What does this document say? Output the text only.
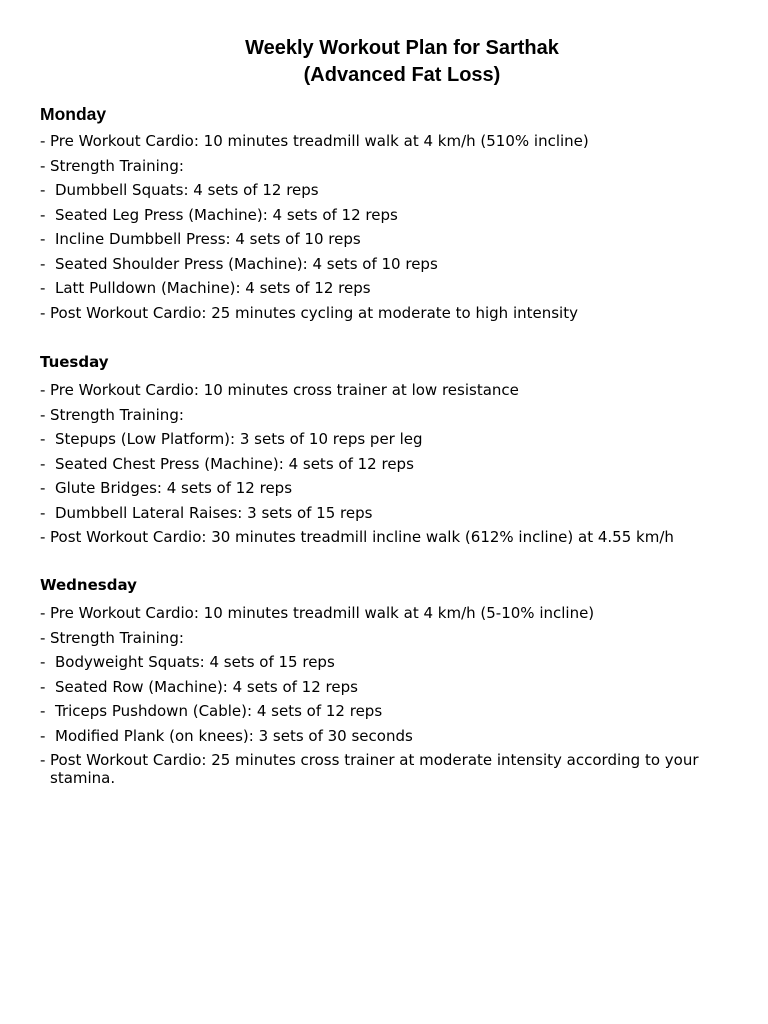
Weekly Workout Plan for Sarthak
(Advanced Fat Loss)
Monday
- Pre Workout Cardio: 10 minutes treadmill walk at 4 km/h (510% incline)
- Strength Training:
- Dumbbell Squats: 4 sets of 12 reps
- Seated Leg Press (Machine): 4 sets of 12 reps
- Incline Dumbbell Press: 4 sets of 10 reps
- Seated Shoulder Press (Machine): 4 sets of 10 reps
- Latt Pulldown (Machine): 4 sets of 12 reps
- Post Workout Cardio: 25 minutes cycling at moderate to high intensity
Tuesday
- Pre Workout Cardio: 10 minutes cross trainer at low resistance
- Strength Training:
- Stepups (Low Platform): 3 sets of 10 reps per leg
- Seated Chest Press (Machine): 4 sets of 12 reps
- Glute Bridges: 4 sets of 12 reps
- Dumbbell Lateral Raises: 3 sets of 15 reps
- Post Workout Cardio: 30 minutes treadmill incline walk (612% incline) at 4.55 km/h
Wednesday
- Pre Workout Cardio: 10 minutes treadmill walk at 4 km/h (5-10% incline)
- Strength Training:
- Bodyweight Squats: 4 sets of 15 reps
- Seated Row (Machine): 4 sets of 12 reps
- Triceps Pushdown (Cable): 4 sets of 12 reps
- Modified Plank (on knees): 3 sets of 30 seconds
- Post Workout Cardio: 25 minutes cross trainer at moderate intensity according to your stamina.
